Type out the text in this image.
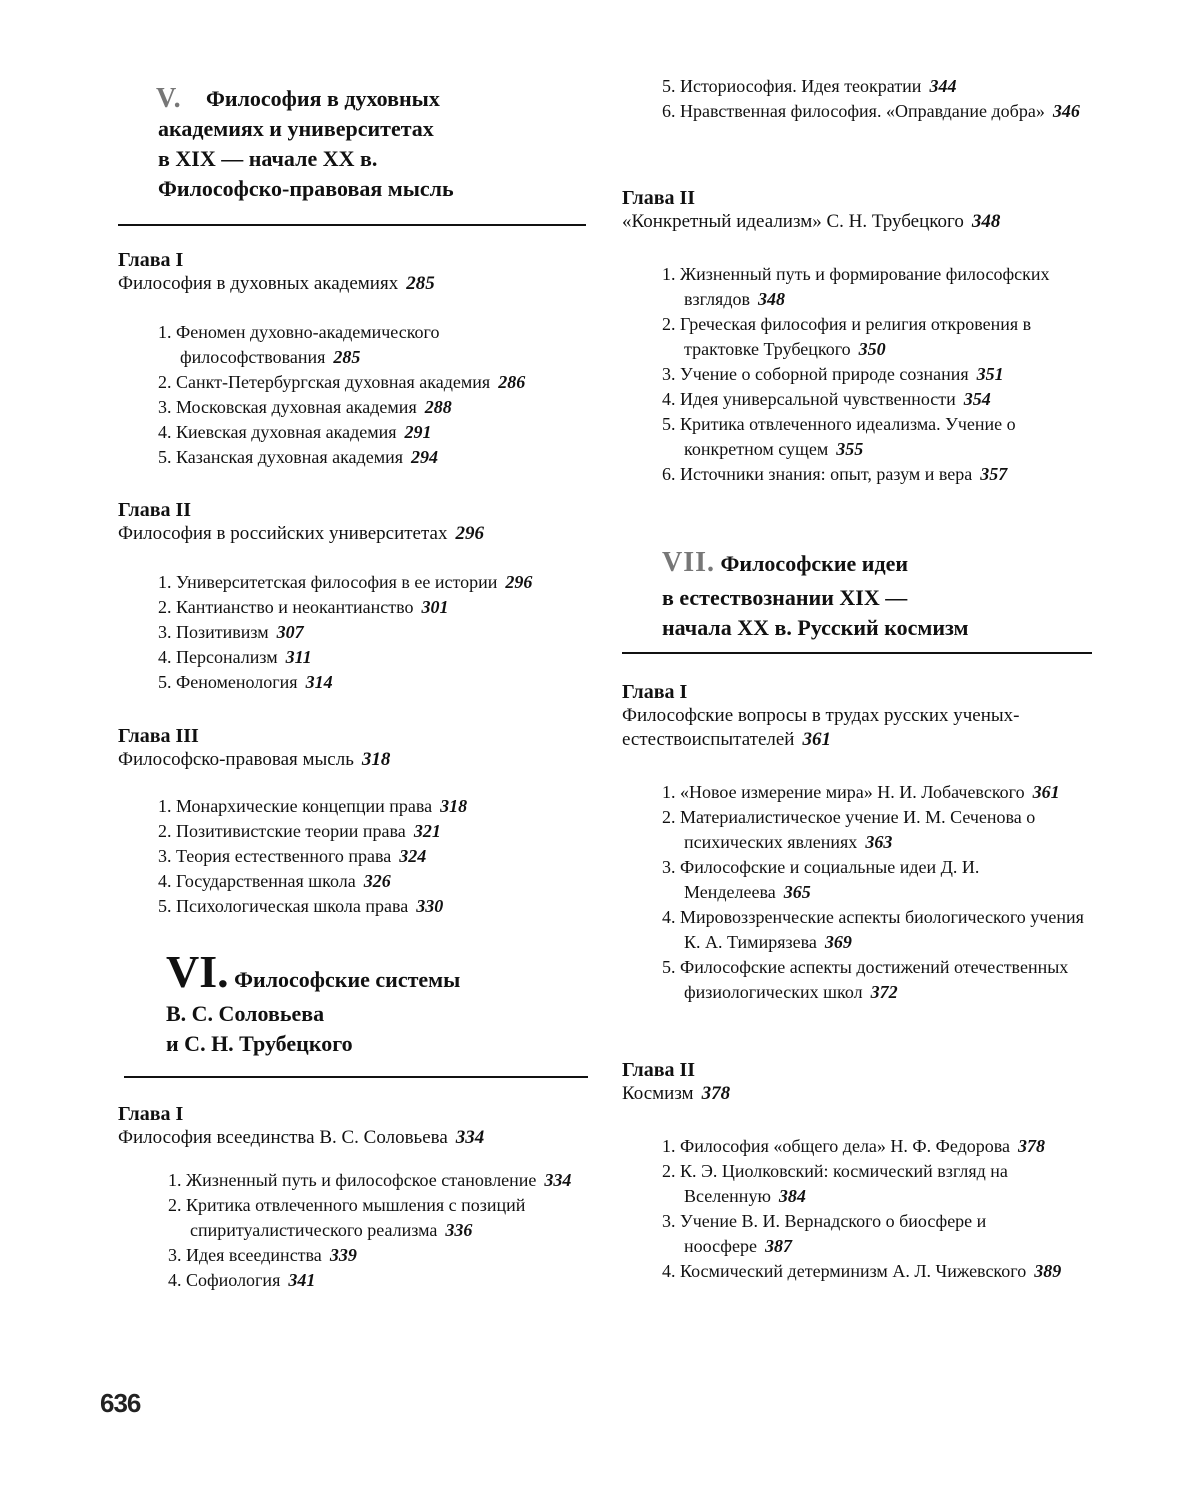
V.	Философия в духовных
академиях и университетах
в XIX — начале XX в.
Философско-правовая мысль
Глава I
Философия в духовных академиях 285
1. Феномен духовно-академического философствования 285
2. Санкт-Петербургская духовная академия 286
3. Московская духовная академия 288
4. Киевская духовная академия 291
5. Казанская духовная академия 294
Глава II
Философия в российских университетах 296
1. Университетская философия в ее истории 296
2. Кантианство и неокантианство 301
3. Позитивизм 307
4. Персонализм 311
5. Феноменология 314
Глава III
Философско-правовая мысль 318
1. Монархические концепции права 318
2. Позитивистские теории права 321
3. Теория естественного права 324
4. Государственная школа 326
5. Психологическая школа права 330
VI. Философские системы
В. С. Соловьева
и С. Н. Трубецкого
Глава I
Философия всеединства В. С. Соловьева 334
1. Жизненный путь и философское становление 334
2. Критика отвлеченного мышления с позиций спиритуалистического реализма 336
3. Идея всеединства 339
4. Софиология 341
5. Историософия. Идея теократии 344
6. Нравственная философия. «Оправдание добра» 346
Глава II
«Конкретный идеализм» С. Н. Трубецкого 348
1. Жизненный путь и формирование философских взглядов 348
2. Греческая философия и религия откровения в трактовке Трубецкого 350
3. Учение о соборной природе сознания 351
4. Идея универсальной чувственности 354
5. Критика отвлеченного идеализма. Учение о конкретном сущем 355
6. Источники знания: опыт, разум и вера 357
VII. Философские идеи
в естествознании XIX —
начала XX в. Русский космизм
Глава I
Философские вопросы в трудах русских ученых-естествоиспытателей 361
1. «Новое измерение мира» Н. И. Лобачевского 361
2. Материалистическое учение И. М. Сеченова о психических явлениях 363
3. Философские и социальные идеи Д. И. Менделеева 365
4. Мировоззренческие аспекты биологического учения К. А. Тимирязева 369
5. Философские аспекты достижений отечественных физиологических школ 372
Глава II
Космизм 378
1. Философия «общего дела» Н. Ф. Федорова 378
2. К. Э. Циолковский: космический взгляд на Вселенную 384
3. Учение В. И. Вернадского о биосфере и ноосфере 387
4. Космический детерминизм А. Л. Чижевского 389
636
